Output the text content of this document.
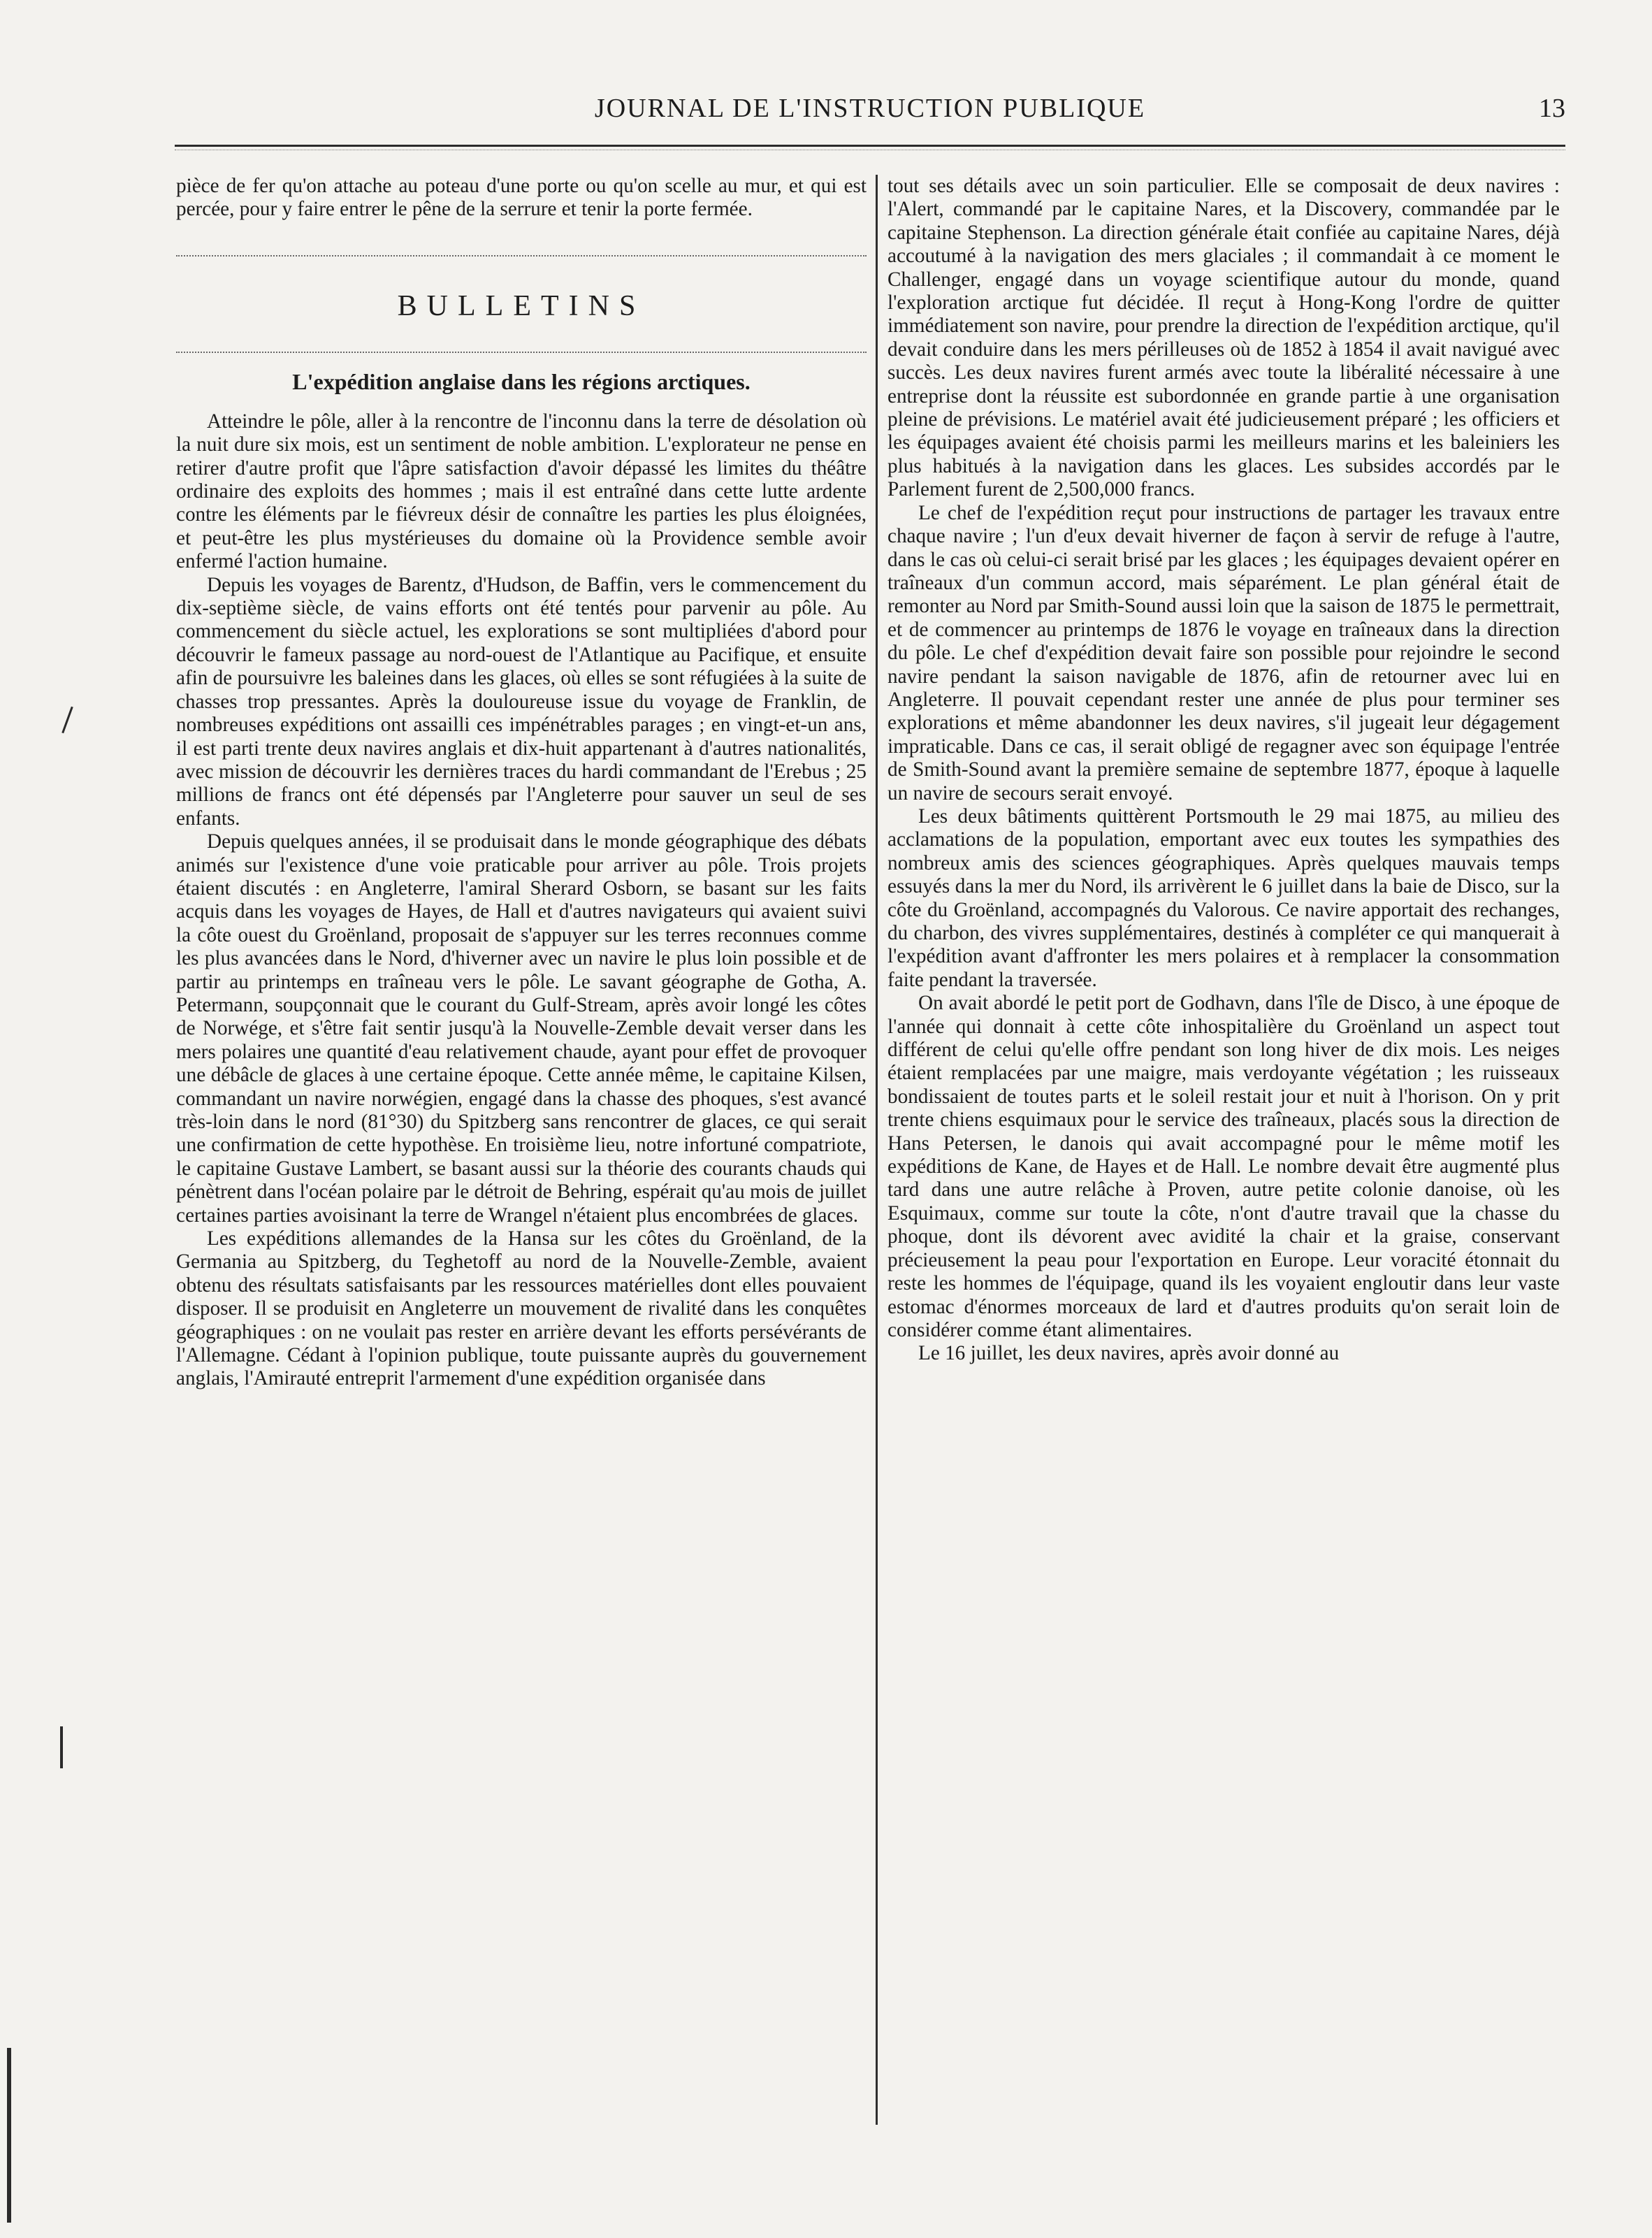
JOURNAL DE L'INSTRUCTION PUBLIQUE	13

pièce de fer qu'on attache au poteau d'une porte ou qu'on scelle au mur, et qui est percée, pour y faire entrer le pêne de la serrure et tenir la porte fermée.

BULLETINS
L'expédition anglaise dans les régions arctiques.

Atteindre le pôle, aller à la rencontre de l'inconnu dans la terre de désolation où la nuit dure six mois, est un sentiment de noble ambition. L'explorateur ne pense en retirer d'autre profit que l'âpre satisfaction d'avoir dépassé les limites du théâtre ordinaire des exploits des hommes ; mais il est entraîné dans cette lutte ardente contre les éléments par le fiévreux désir de connaître les parties les plus éloignées, et peut-être les plus mystérieuses du domaine où la Providence semble avoir enfermé l'action humaine.

Depuis les voyages de Barentz, d'Hudson, de Baffin, vers le commencement du dix-septième siècle, de vains efforts ont été tentés pour parvenir au pôle. Au commencement du siècle actuel, les explorations se sont multipliées d'abord pour découvrir le fameux passage au nord-ouest de l'Atlantique au Pacifique, et ensuite afin de poursuivre les baleines dans les glaces, où elles se sont réfugiées à la suite de chasses trop pressantes. Après la douloureuse issue du voyage de Franklin, de nombreuses expéditions ont assailli ces impénétrables parages ; en vingt-et-un ans, il est parti trente deux navires anglais et dix-huit appartenant à d'autres nationalités, avec mission de découvrir les dernières traces du hardi commandant de l'Erebus ; 25 millions de francs ont été dépensés par l'Angleterre pour sauver un seul de ses enfants.

Depuis quelques années, il se produisait dans le monde géographique des débats animés sur l'existence d'une voie praticable pour arriver au pôle. Trois projets étaient discutés : en Angleterre, l'amiral Sherard Osborn, se basant sur les faits acquis dans les voyages de Hayes, de Hall et d'autres navigateurs qui avaient suivi la côte ouest du Groënland, proposait de s'appuyer sur les terres reconnues comme les plus avancées dans le Nord, d'hiverner avec un navire le plus loin possible et de partir au printemps en traîneau vers le pôle. Le savant géographe de Gotha, A. Petermann, soupçonnait que le courant du Gulf-Stream, après avoir longé les côtes de Norwége, et s'être fait sentir jusqu'à la Nouvelle-Zemble devait verser dans les mers polaires une quantité d'eau relativement chaude, ayant pour effet de provoquer une débâcle de glaces à une certaine époque. Cette année même, le capitaine Kilsen, commandant un navire norwégien, engagé dans la chasse des phoques, s'est avancé très-loin dans le nord (81°30) du Spitzberg sans rencontrer de glaces, ce qui serait une confirmation de cette hypothèse. En troisième lieu, notre infortuné compatriote, le capitaine Gustave Lambert, se basant aussi sur la théorie des courants chauds qui pénètrent dans l'océan polaire par le détroit de Behring, espérait qu'au mois de juillet certaines parties avoisinant la terre de Wrangel n'étaient plus encombrées de glaces.

Les expéditions allemandes de la Hansa sur les côtes du Groënland, de la Germania au Spitzberg, du Teghetoff au nord de la Nouvelle-Zemble, avaient obtenu des résultats satisfaisants par les ressources matérielles dont elles pouvaient disposer. Il se produisit en Angleterre un mouvement de rivalité dans les conquêtes géographiques : on ne voulait pas rester en arrière devant les efforts persévérants de l'Allemagne. Cédant à l'opinion publique, toute puissante auprès du gouvernement anglais, l'Amirauté entreprit l'armement d'une expédition organisée dans

tout ses détails avec un soin particulier. Elle se composait de deux navires : l'Alert, commandé par le capitaine Nares, et la Discovery, commandée par le capitaine Stephenson. La direction générale était confiée au capitaine Nares, déjà accoutumé à la navigation des mers glaciales ; il commandait à ce moment le Challenger, engagé dans un voyage scientifique autour du monde, quand l'exploration arctique fut décidée. Il reçut à Hong-Kong l'ordre de quitter immédiatement son navire, pour prendre la direction de l'expédition arctique, qu'il devait conduire dans les mers périlleuses où de 1852 à 1854 il avait navigué avec succès. Les deux navires furent armés avec toute la libéralité nécessaire à une entreprise dont la réussite est subordonnée en grande partie à une organisation pleine de prévisions. Le matériel avait été judicieusement préparé ; les officiers et les équipages avaient été choisis parmi les meilleurs marins et les baleiniers les plus habitués à la navigation dans les glaces. Les subsides accordés par le Parlement furent de 2,500,000 francs.

Le chef de l'expédition reçut pour instructions de partager les travaux entre chaque navire ; l'un d'eux devait hiverner de façon à servir de refuge à l'autre, dans le cas où celui-ci serait brisé par les glaces ; les équipages devaient opérer en traîneaux d'un commun accord, mais séparément. Le plan général était de remonter au Nord par Smith-Sound aussi loin que la saison de 1875 le permettrait, et de commencer au printemps de 1876 le voyage en traîneaux dans la direction du pôle. Le chef d'expédition devait faire son possible pour rejoindre le second navire pendant la saison navigable de 1876, afin de retourner avec lui en Angleterre. Il pouvait cependant rester une année de plus pour terminer ses explorations et même abandonner les deux navires, s'il jugeait leur dégagement impraticable. Dans ce cas, il serait obligé de regagner avec son équipage l'entrée de Smith-Sound avant la première semaine de septembre 1877, époque à laquelle un navire de secours serait envoyé.

Les deux bâtiments quittèrent Portsmouth le 29 mai 1875, au milieu des acclamations de la population, emportant avec eux toutes les sympathies des nombreux amis des sciences géographiques. Après quelques mauvais temps essuyés dans la mer du Nord, ils arrivèrent le 6 juillet dans la baie de Disco, sur la côte du Groënland, accompagnés du Valorous. Ce navire apportait des rechanges, du charbon, des vivres supplémentaires, destinés à compléter ce qui manquerait à l'expédition avant d'affronter les mers polaires et à remplacer la consommation faite pendant la traversée.

On avait abordé le petit port de Godhavn, dans l'île de Disco, à une époque de l'année qui donnait à cette côte inhospitalière du Groënland un aspect tout différent de celui qu'elle offre pendant son long hiver de dix mois. Les neiges étaient remplacées par une maigre, mais verdoyante végétation ; les ruisseaux bondissaient de toutes parts et le soleil restait jour et nuit à l'horison. On y prit trente chiens esquimaux pour le service des traîneaux, placés sous la direction de Hans Petersen, le danois qui avait accompagné pour le même motif les expéditions de Kane, de Hayes et de Hall. Le nombre devait être augmenté plus tard dans une autre relâche à Proven, autre petite colonie danoise, où les Esquimaux, comme sur toute la côte, n'ont d'autre travail que la chasse du phoque, dont ils dévorent avec avidité la chair et la graise, conservant précieusement la peau pour l'exportation en Europe. Leur voracité étonnait du reste les hommes de l'équipage, quand ils les voyaient engloutir dans leur vaste estomac d'énormes morceaux de lard et d'autres produits qu'on serait loin de considérer comme étant alimentaires.

Le 16 juillet, les deux navires, après avoir donné au
